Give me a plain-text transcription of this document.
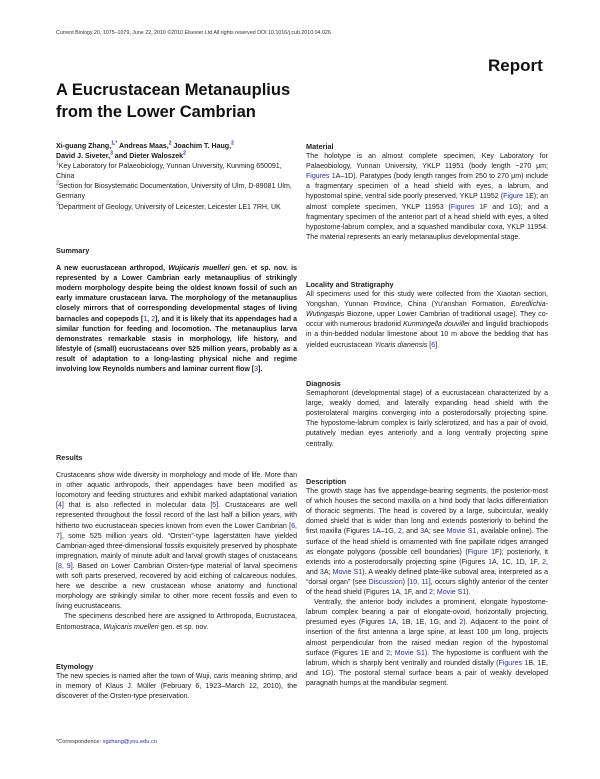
Current Biology 20, 1075–1079, June 22, 2010 ©2010 Elsevier Ltd All rights reserved DOI 10.1016/j.cub.2010.04.026
Report
A Eucrustacean Metanauplius
from the Lower Cambrian
Xi-guang Zhang,$^{1,*}$ Andreas Maas,$^2$ Joachim T. Haug,$^2$
David J. Siveter,$^3$ and Dieter Waloszek$^2$
$^1$Key Laboratory for Palaeobiology, Yunnan University, Kunming 650091, China
$^2$Section for Biosystematic Documentation, University of Ulm, D-89081 Ulm, Germany
$^3$Department of Geology, University of Leicester, Leicester LE1 7RH, UK
Summary

A new eucrustacean arthropod, Wujicaris muelleri gen. et sp. nov. is represented by a Lower Cambrian early metanauplius of strikingly modern morphology despite being the oldest known fossil of such an early immature crustacean larva. The morphology of the metanauplius closely mirrors that of corresponding developmental stages of living barnacles and copepods [1, 2], and it is likely that its appendages had a similar function for feeding and locomotion. The metanauplius larva demonstrates remarkable stasis in morphology, life history, and lifestyle of (small) eucrustaceans over 525 million years, probably as a result of adaptation to a long-lasting physical niche and regime involving low Reynolds numbers and laminar current flow [3].

Results

Crustaceans show wide diversity in morphology and mode of life. More than in other aquatic arthropods, their appendages have been modified as locomotory and feeding structures and exhibit marked adaptational variation [4] that is also reflected in molecular data [5]. Crustaceans are well represented throughout the fossil record of the last half a billion years, with hitherto two eucrustacean species known from even the Lower Cambrian [6, 7], some 525 million years old. “Orsten”-type lagerstätten have yielded Cambrian-aged three-dimensional fossils exquisitely preserved by phosphate impregnation, mainly of minute adult and larval growth stages of crustaceans [8, 9]. Based on Lower Cambrian Orsten-type material of larval specimens with soft parts preserved, recovered by acid etching of calcareous nodules, here we describe a new crustacean whose anatomy and functional morphology are strikingly similar to other more recent fossils and even to living eucrustaceans.

The specimens described here are assigned to Arthropoda, Eucrustacea, Entomostraca, Wujicaris muelleri gen. et sp. nov.

Etymology

The new species is named after the town of Wuji, caris meaning shrimp, and in memory of Klaus J. Müller (February 6, 1923–March 12, 2010), the discoverer of the Orsten-type preservation.

*Correspondence: xgzhang@ynu.edu.cn
Material

The holotype is an almost complete specimen, Key Laboratory for Palaeobiology, Yunnan University, YKLP 11951 (body length ~270 μm; Figures 1A–1D). Paratypes (body length ranges from 250 to 270 μm) include a fragmentary specimen of a head shield with eyes, a labrum, and hypostomal spine, ventral side poorly preserved, YKLP 11952 (Figure 1E); an almost complete specimen, YKLP 11953 (Figures 1F and 1G); and a fragmentary specimen of the anterior part of a head shield with eyes, a tilted hypostome-labrum complex, and a squashed mandibular coxa, YKLP 11954. The material represents an early metanauplius developmental stage.

Locality and Stratigraphy

All specimens used for this study were collected from the Xiaotan section, Yongshan, Yunnan Province, China (Yu'anshan Formation, Eoredlichia-Wutingaspis Biozone, upper Lower Cambrian of traditional usage). They co-occur with numerous bradoriid Kunmingella douvillei and lingulid brachiopods in a thin-bedded nodular limestone about 10 m above the bedding that has yielded eucrustacean Yicaris dianensis [6].

Diagnosis

Semaphoront (developmental stage) of a eucrustacean characterized by a large, weakly domed, and laterally expanding head shield with the posterolateral margins converging into a posterodorsally projecting spine. The hypostome-labrum complex is fairly sclerotized, and has a pair of ovoid, putatively median eyes anteriorly and a long ventrally projecting spine centrally.

Description

The growth stage has five appendage-bearing segments, the posterior-most of which houses the second maxilla on a hind body that lacks differentiation of thoracic segments. The head is covered by a large, subcircular, weakly domed shield that is wider than long and extends posteriorly to behind the first maxilla (Figures 1A–1G, 2, and 3A; see Movie S1, available online). The surface of the head shield is ornamented with fine papillate ridges arranged as elongate polygons (possible cell boundaries) (Figure 1F); posteriorly, it extends into a posterodorsally projecting spine (Figures 1A, 1C, 1D, 1F, 2, and 3A; Movie S1). A weakly defined plate-like suboval area, interpreted as a “dorsal organ” (see Discussion) [10, 11], occurs slightly anterior of the center of the head shield (Figures 1A, 1F, and 2; Movie S1).

Ventrally, the anterior body includes a prominent, elongate hypostome-labrum complex bearing a pair of elongate-ovoid, horizontally projecting, presumed eyes (Figures 1A, 1B, 1E, 1G, and 2). Adjacent to the point of insertion of the first antenna a large spine, at least 100 μm long, projects almost perpendicular from the raised median region of the hypostomal surface (Figures 1E and 2; Movie S1). The hypostome is confluent with the labrum, which is sharply bent ventrally and rounded distally (Figures 1B, 1E, and 1G). The postoral sternal surface bears a pair of weakly developed paragnath humps at the mandibular segment.
